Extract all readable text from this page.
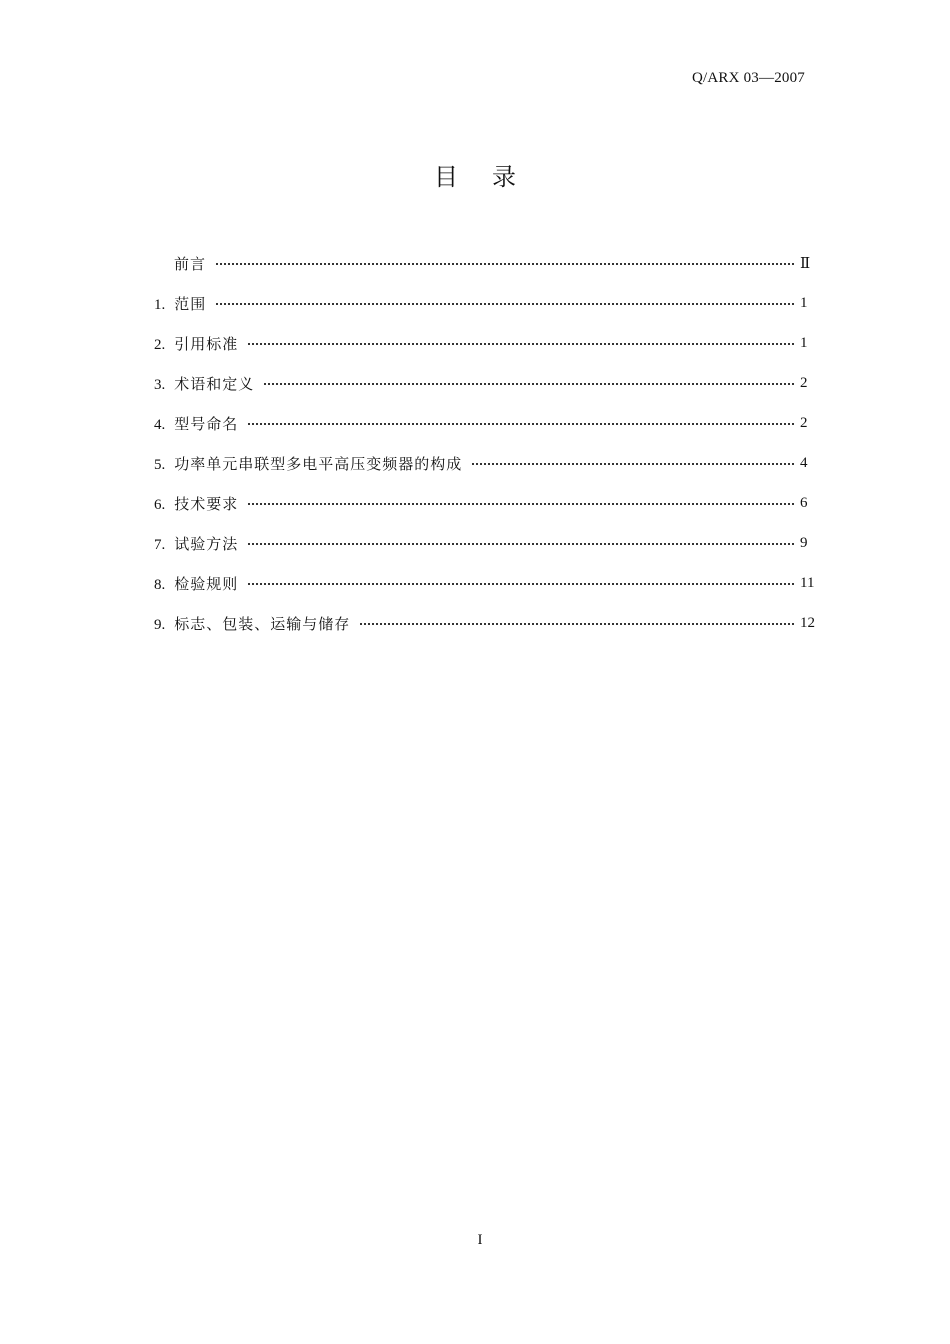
Q/ARX 03—2007
目录
前言	Ⅱ
1. 范围	1
2. 引用标准	1
3. 术语和定义	2
4. 型号命名	2
5. 功率单元串联型多电平高压变频器的构成	4
6. 技术要求	6
7. 试验方法	9
8. 检验规则	11
9. 标志、包装、运输与储存	12
I
